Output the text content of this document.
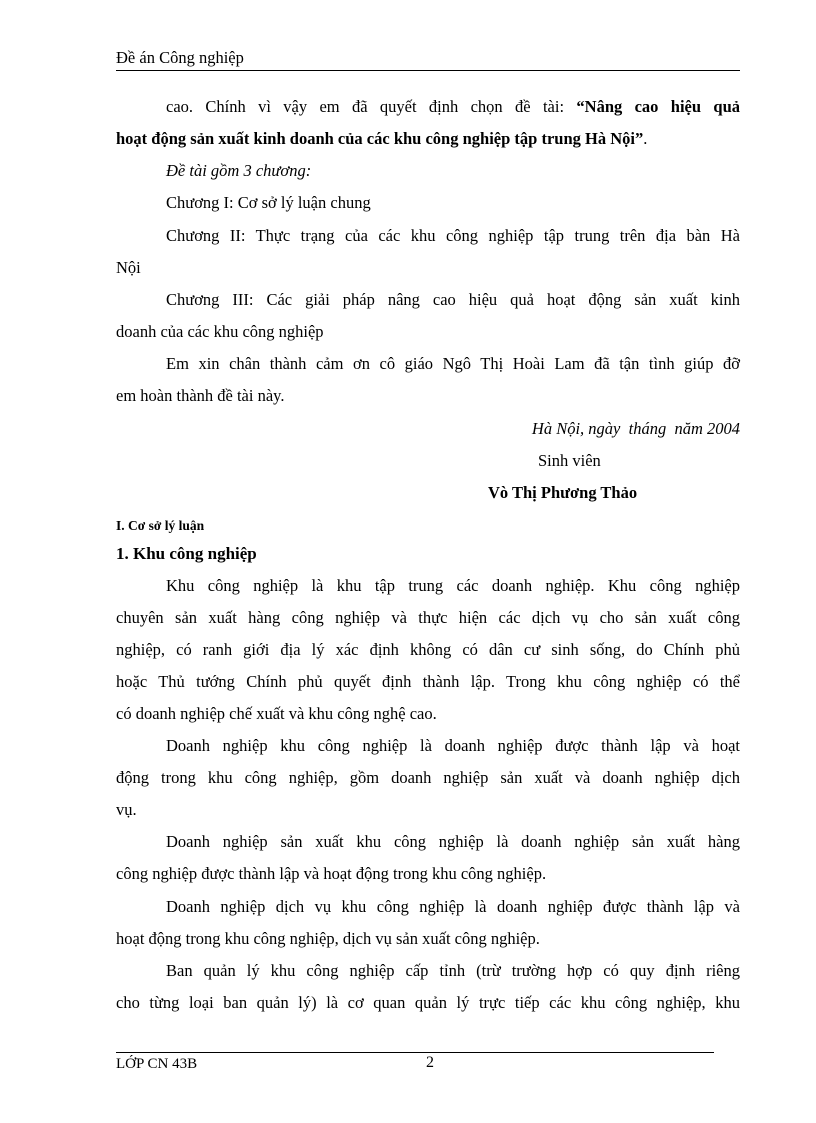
Đề án Công nghiệp
cao. Chính vì vậy em đã quyết định chọn đề tài: “Nâng cao hiệu quả
hoạt động sản xuất kinh doanh của các khu công nghiệp tập trung Hà Nội”.
Đề tài gồm 3 chương:
Chương I: Cơ sở lý luận chung
Chương II: Thực trạng của các khu công nghiệp tập trung trên địa bàn Hà
Nội
Chương III: Các giải pháp nâng cao hiệu quả hoạt động sản xuất kinh
doanh của các khu công nghiệp
Em xin chân thành cảm ơn cô giáo Ngô Thị Hoài Lam đã tận tình giúp đỡ
em hoàn thành đề tài này.
Hà Nội, ngày  tháng  năm 2004
Sinh viên
Vò Thị Phương Thảo
I. Cơ sở lý luận
1. Khu công nghiệp
Khu công nghiệp là khu tập trung các doanh nghiệp. Khu công nghiệp
chuyên sản xuất hàng công nghiệp và thực hiện các dịch vụ cho sản xuất công
nghiệp, có ranh giới địa lý xác định không có dân cư sinh sống, do Chính phủ
hoặc Thủ tướng Chính phủ quyết định thành lập. Trong khu công nghiệp có thể
có doanh nghiệp chế xuất và khu công nghệ cao.
Doanh nghiệp khu công nghiệp là doanh nghiệp được thành lập và hoạt
động trong khu công nghiệp, gồm doanh nghiệp sản xuất và doanh nghiệp dịch
vụ.
Doanh nghiệp sản xuất khu công nghiệp là doanh nghiệp sản xuất hàng
công nghiệp được thành lập và hoạt động trong khu công nghiệp.
Doanh nghiệp dịch vụ khu công nghiệp là doanh nghiệp được thành lập và
hoạt động trong khu công nghiệp, dịch vụ sản xuất công nghiệp.
Ban quản lý khu công nghiệp cấp tỉnh (trừ trường hợp có quy định riêng
cho từng loại ban quản lý) là cơ quan quản lý trực tiếp các khu công nghiệp, khu
LỚP CN 43B	2
